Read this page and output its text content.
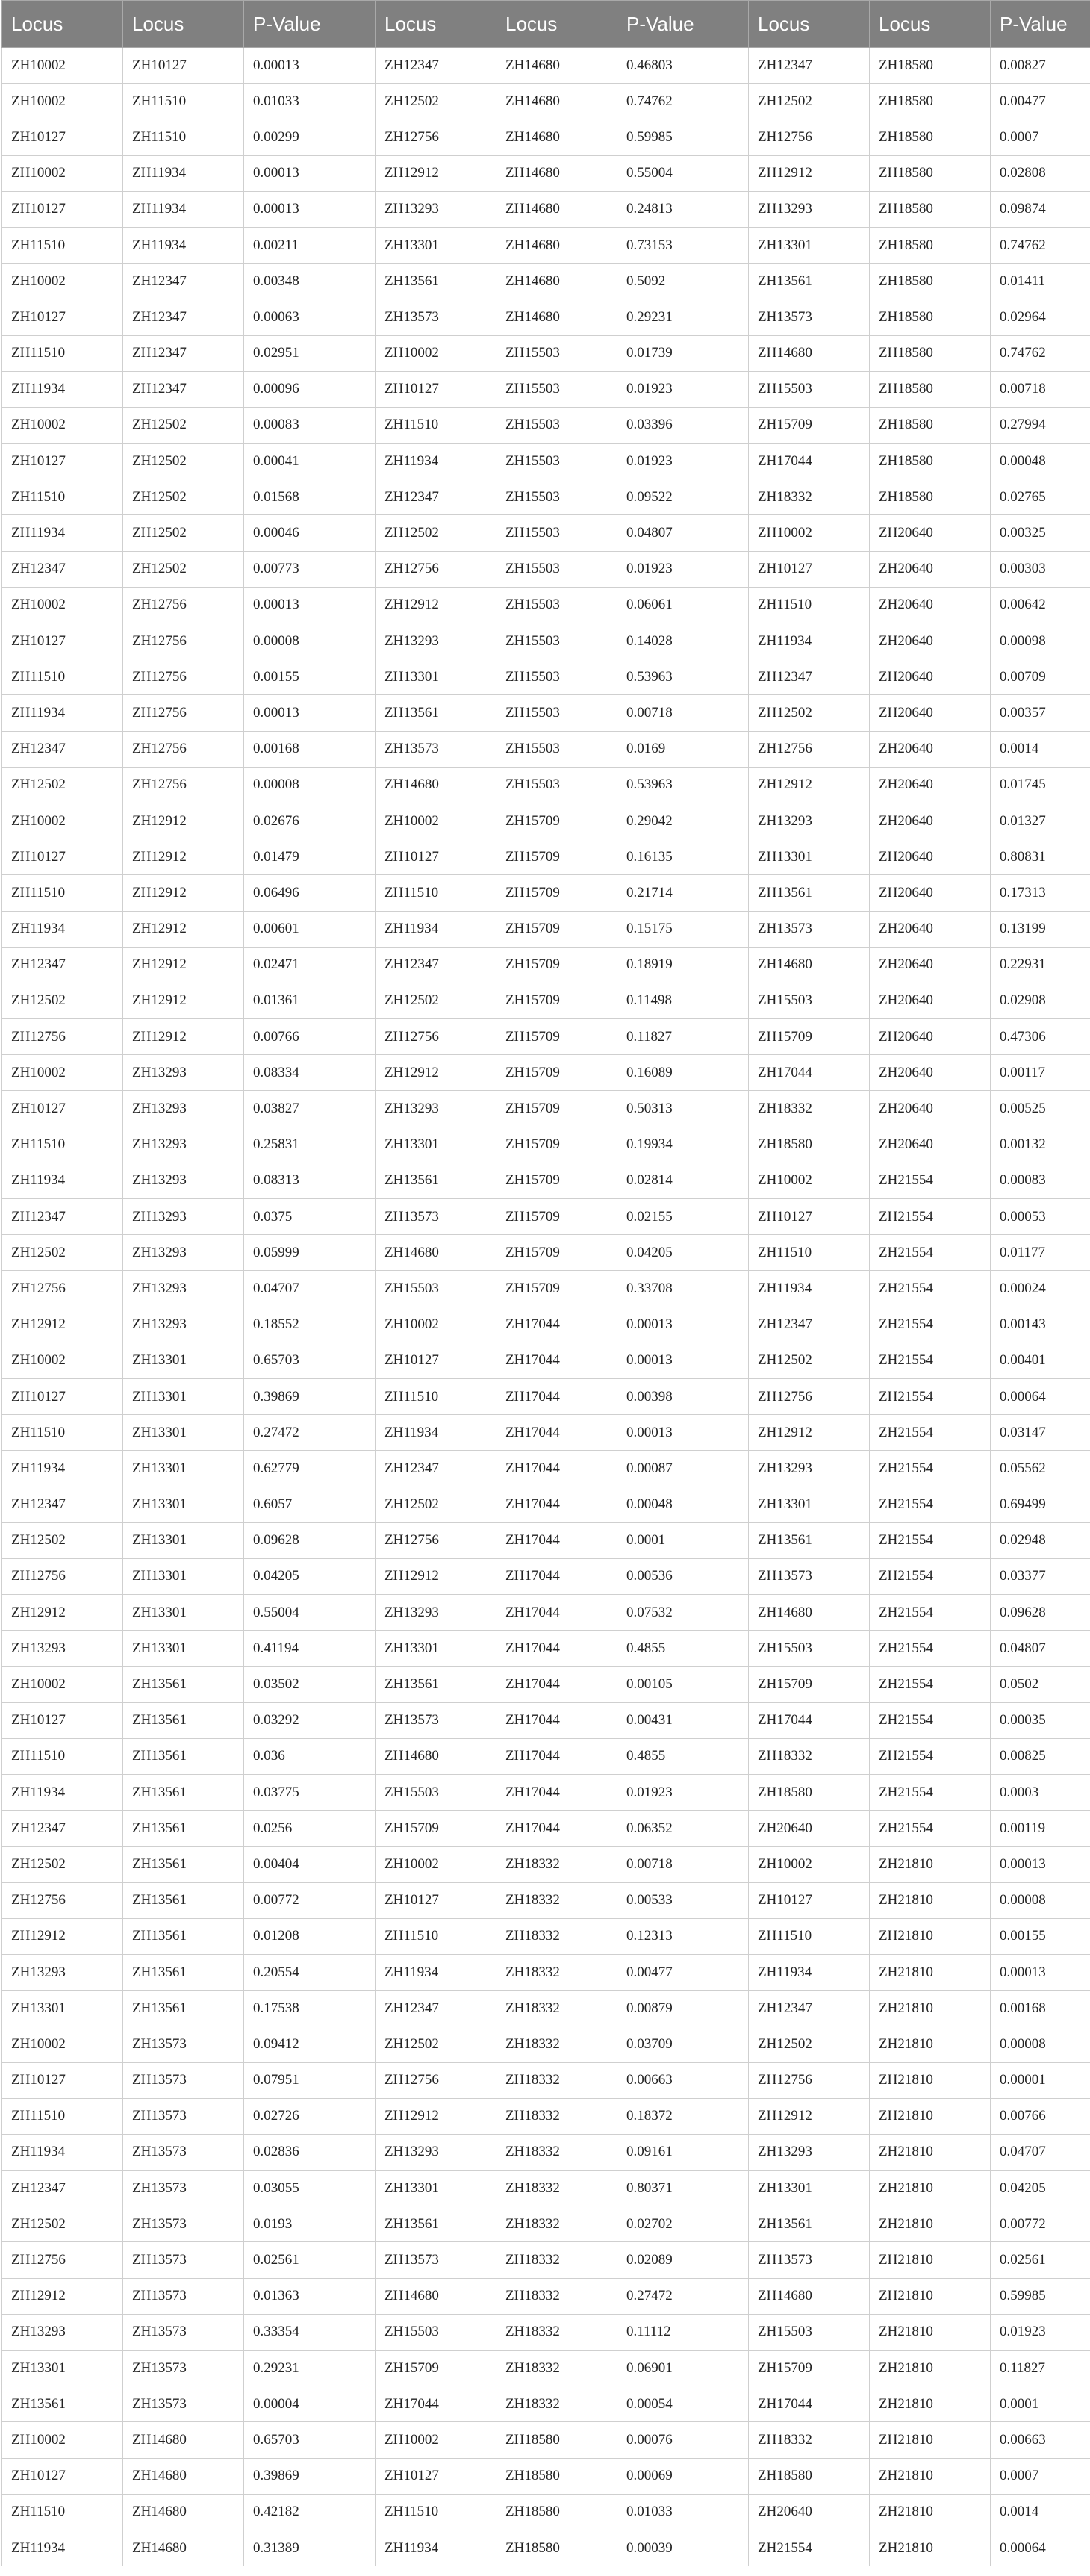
Locus	Locus	P-Value	Locus	Locus	P-Value	Locus	Locus	P-Value
ZH10002	ZH10127	0.00013	ZH12347	ZH14680	0.46803	ZH12347	ZH18580	0.00827
ZH10002	ZH11510	0.01033	ZH12502	ZH14680	0.74762	ZH12502	ZH18580	0.00477
ZH10127	ZH11510	0.00299	ZH12756	ZH14680	0.59985	ZH12756	ZH18580	0.0007
ZH10002	ZH11934	0.00013	ZH12912	ZH14680	0.55004	ZH12912	ZH18580	0.02808
ZH10127	ZH11934	0.00013	ZH13293	ZH14680	0.24813	ZH13293	ZH18580	0.09874
ZH11510	ZH11934	0.00211	ZH13301	ZH14680	0.73153	ZH13301	ZH18580	0.74762
ZH10002	ZH12347	0.00348	ZH13561	ZH14680	0.5092	ZH13561	ZH18580	0.01411
ZH10127	ZH12347	0.00063	ZH13573	ZH14680	0.29231	ZH13573	ZH18580	0.02964
ZH11510	ZH12347	0.02951	ZH10002	ZH15503	0.01739	ZH14680	ZH18580	0.74762
ZH11934	ZH12347	0.00096	ZH10127	ZH15503	0.01923	ZH15503	ZH18580	0.00718
ZH10002	ZH12502	0.00083	ZH11510	ZH15503	0.03396	ZH15709	ZH18580	0.27994
ZH10127	ZH12502	0.00041	ZH11934	ZH15503	0.01923	ZH17044	ZH18580	0.00048
ZH11510	ZH12502	0.01568	ZH12347	ZH15503	0.09522	ZH18332	ZH18580	0.02765
ZH11934	ZH12502	0.00046	ZH12502	ZH15503	0.04807	ZH10002	ZH20640	0.00325
ZH12347	ZH12502	0.00773	ZH12756	ZH15503	0.01923	ZH10127	ZH20640	0.00303
ZH10002	ZH12756	0.00013	ZH12912	ZH15503	0.06061	ZH11510	ZH20640	0.00642
ZH10127	ZH12756	0.00008	ZH13293	ZH15503	0.14028	ZH11934	ZH20640	0.00098
ZH11510	ZH12756	0.00155	ZH13301	ZH15503	0.53963	ZH12347	ZH20640	0.00709
ZH11934	ZH12756	0.00013	ZH13561	ZH15503	0.00718	ZH12502	ZH20640	0.00357
ZH12347	ZH12756	0.00168	ZH13573	ZH15503	0.0169	ZH12756	ZH20640	0.0014
ZH12502	ZH12756	0.00008	ZH14680	ZH15503	0.53963	ZH12912	ZH20640	0.01745
ZH10002	ZH12912	0.02676	ZH10002	ZH15709	0.29042	ZH13293	ZH20640	0.01327
ZH10127	ZH12912	0.01479	ZH10127	ZH15709	0.16135	ZH13301	ZH20640	0.80831
ZH11510	ZH12912	0.06496	ZH11510	ZH15709	0.21714	ZH13561	ZH20640	0.17313
ZH11934	ZH12912	0.00601	ZH11934	ZH15709	0.15175	ZH13573	ZH20640	0.13199
ZH12347	ZH12912	0.02471	ZH12347	ZH15709	0.18919	ZH14680	ZH20640	0.22931
ZH12502	ZH12912	0.01361	ZH12502	ZH15709	0.11498	ZH15503	ZH20640	0.02908
ZH12756	ZH12912	0.00766	ZH12756	ZH15709	0.11827	ZH15709	ZH20640	0.47306
ZH10002	ZH13293	0.08334	ZH12912	ZH15709	0.16089	ZH17044	ZH20640	0.00117
ZH10127	ZH13293	0.03827	ZH13293	ZH15709	0.50313	ZH18332	ZH20640	0.00525
ZH11510	ZH13293	0.25831	ZH13301	ZH15709	0.19934	ZH18580	ZH20640	0.00132
ZH11934	ZH13293	0.08313	ZH13561	ZH15709	0.02814	ZH10002	ZH21554	0.00083
ZH12347	ZH13293	0.0375	ZH13573	ZH15709	0.02155	ZH10127	ZH21554	0.00053
ZH12502	ZH13293	0.05999	ZH14680	ZH15709	0.04205	ZH11510	ZH21554	0.01177
ZH12756	ZH13293	0.04707	ZH15503	ZH15709	0.33708	ZH11934	ZH21554	0.00024
ZH12912	ZH13293	0.18552	ZH10002	ZH17044	0.00013	ZH12347	ZH21554	0.00143
ZH10002	ZH13301	0.65703	ZH10127	ZH17044	0.00013	ZH12502	ZH21554	0.00401
ZH10127	ZH13301	0.39869	ZH11510	ZH17044	0.00398	ZH12756	ZH21554	0.00064
ZH11510	ZH13301	0.27472	ZH11934	ZH17044	0.00013	ZH12912	ZH21554	0.03147
ZH11934	ZH13301	0.62779	ZH12347	ZH17044	0.00087	ZH13293	ZH21554	0.05562
ZH12347	ZH13301	0.6057	ZH12502	ZH17044	0.00048	ZH13301	ZH21554	0.69499
ZH12502	ZH13301	0.09628	ZH12756	ZH17044	0.0001	ZH13561	ZH21554	0.02948
ZH12756	ZH13301	0.04205	ZH12912	ZH17044	0.00536	ZH13573	ZH21554	0.03377
ZH12912	ZH13301	0.55004	ZH13293	ZH17044	0.07532	ZH14680	ZH21554	0.09628
ZH13293	ZH13301	0.41194	ZH13301	ZH17044	0.4855	ZH15503	ZH21554	0.04807
ZH10002	ZH13561	0.03502	ZH13561	ZH17044	0.00105	ZH15709	ZH21554	0.0502
ZH10127	ZH13561	0.03292	ZH13573	ZH17044	0.00431	ZH17044	ZH21554	0.00035
ZH11510	ZH13561	0.036	ZH14680	ZH17044	0.4855	ZH18332	ZH21554	0.00825
ZH11934	ZH13561	0.03775	ZH15503	ZH17044	0.01923	ZH18580	ZH21554	0.0003
ZH12347	ZH13561	0.0256	ZH15709	ZH17044	0.06352	ZH20640	ZH21554	0.00119
ZH12502	ZH13561	0.00404	ZH10002	ZH18332	0.00718	ZH10002	ZH21810	0.00013
ZH12756	ZH13561	0.00772	ZH10127	ZH18332	0.00533	ZH10127	ZH21810	0.00008
ZH12912	ZH13561	0.01208	ZH11510	ZH18332	0.12313	ZH11510	ZH21810	0.00155
ZH13293	ZH13561	0.20554	ZH11934	ZH18332	0.00477	ZH11934	ZH21810	0.00013
ZH13301	ZH13561	0.17538	ZH12347	ZH18332	0.00879	ZH12347	ZH21810	0.00168
ZH10002	ZH13573	0.09412	ZH12502	ZH18332	0.03709	ZH12502	ZH21810	0.00008
ZH10127	ZH13573	0.07951	ZH12756	ZH18332	0.00663	ZH12756	ZH21810	0.00001
ZH11510	ZH13573	0.02726	ZH12912	ZH18332	0.18372	ZH12912	ZH21810	0.00766
ZH11934	ZH13573	0.02836	ZH13293	ZH18332	0.09161	ZH13293	ZH21810	0.04707
ZH12347	ZH13573	0.03055	ZH13301	ZH18332	0.80371	ZH13301	ZH21810	0.04205
ZH12502	ZH13573	0.0193	ZH13561	ZH18332	0.02702	ZH13561	ZH21810	0.00772
ZH12756	ZH13573	0.02561	ZH13573	ZH18332	0.02089	ZH13573	ZH21810	0.02561
ZH12912	ZH13573	0.01363	ZH14680	ZH18332	0.27472	ZH14680	ZH21810	0.59985
ZH13293	ZH13573	0.33354	ZH15503	ZH18332	0.11112	ZH15503	ZH21810	0.01923
ZH13301	ZH13573	0.29231	ZH15709	ZH18332	0.06901	ZH15709	ZH21810	0.11827
ZH13561	ZH13573	0.00004	ZH17044	ZH18332	0.00054	ZH17044	ZH21810	0.0001
ZH10002	ZH14680	0.65703	ZH10002	ZH18580	0.00076	ZH18332	ZH21810	0.00663
ZH10127	ZH14680	0.39869	ZH10127	ZH18580	0.00069	ZH18580	ZH21810	0.0007
ZH11510	ZH14680	0.42182	ZH11510	ZH18580	0.01033	ZH20640	ZH21810	0.0014
ZH11934	ZH14680	0.31389	ZH11934	ZH18580	0.00039	ZH21554	ZH21810	0.00064
